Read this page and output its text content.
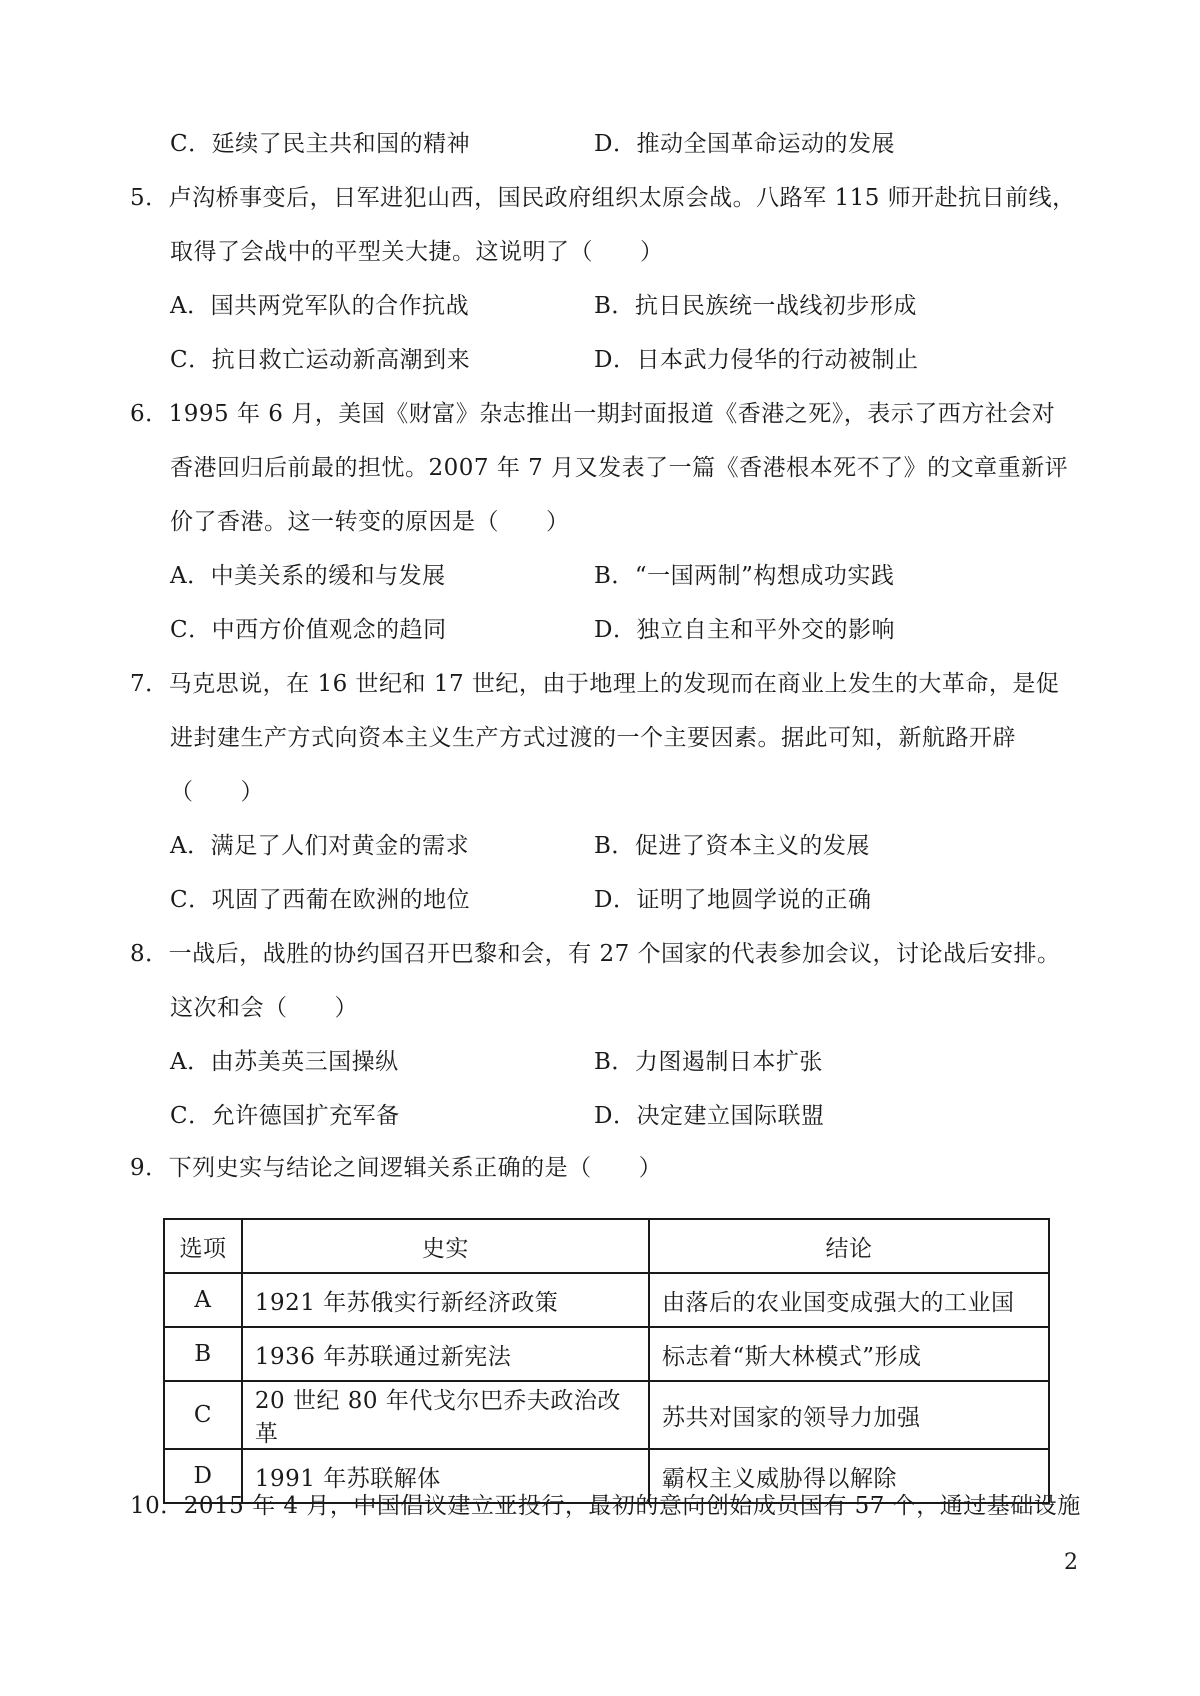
C．延续了民主共和国的精神	D．推动全国革命运动的发展
5．卢沟桥事变后，日军进犯山西，国民政府组织太原会战。八路军 115 师开赴抗日前线，
取得了会战中的平型关大捷。这说明了（　　）
A．国共两党军队的合作抗战	B．抗日民族统一战线初步形成
C．抗日救亡运动新高潮到来	D．日本武力侵华的行动被制止
6．1995 年 6 月，美国《财富》杂志推出一期封面报道《香港之死》，表示了西方社会对
香港回归后前最的担忧。2007 年 7 月又发表了一篇《香港根本死不了》的文章重新评
价了香港。这一转变的原因是（　　）
A．中美关系的缓和与发展	B．“一国两制”构想成功实践
C．中西方价值观念的趋同	D．独立自主和平外交的影响
7．马克思说，在 16 世纪和 17 世纪，由于地理上的发现而在商业上发生的大革命，是促
进封建生产方式向资本主义生产方式过渡的一个主要因素。据此可知，新航路开辟
（　　）
A．满足了人们对黄金的需求	B．促进了资本主义的发展
C．巩固了西葡在欧洲的地位	D．证明了地圆学说的正确
8．一战后，战胜的协约国召开巴黎和会，有 27 个国家的代表参加会议，讨论战后安排。
这次和会（　　）
A．由苏美英三国操纵	B．力图遏制日本扩张
C．允许德国扩充军备	D．决定建立国际联盟
9．下列史实与结论之间逻辑关系正确的是（　　）
10．2015 年 4 月，中国倡议建立亚投行，最初的意向创始成员国有 57 个，通过基础设施
选项	史实	结论
A	1921 年苏俄实行新经济政策	由落后的农业国变成强大的工业国
B	1936 年苏联通过新宪法	标志着“斯大林模式”形成
C	20 世纪 80 年代戈尔巴乔夫政治改革	苏共对国家的领导力加强
D	1991 年苏联解体	霸权主义威胁得以解除
2
